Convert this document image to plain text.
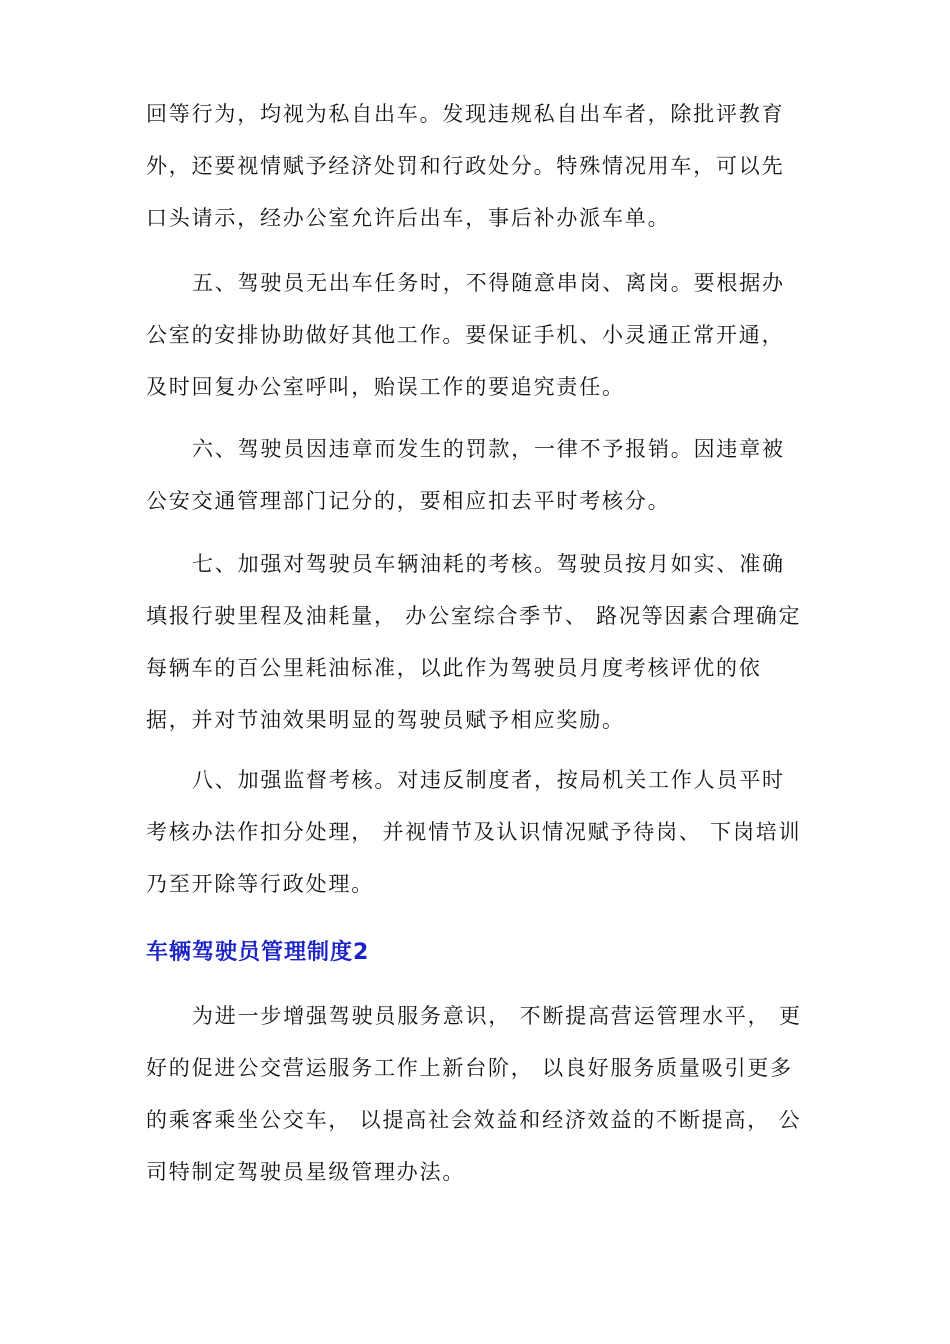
回等行为，均视为私自出车。发现违规私自出车者，除批评教育
外，还要视情赋予经济处罚和行政处分。特殊情况用车，可以先
口头请示，经办公室允许后出车，事后补办派车单。
五、驾驶员无出车任务时，不得随意串岗、离岗。要根据办
公室的安排协助做好其他工作。要保证手机、小灵通正常开通，
及时回复办公室呼叫，贻误工作的要追究责任。
六、驾驶员因违章而发生的罚款，一律不予报销。因违章被
公安交通管理部门记分的，要相应扣去平时考核分。
七、加强对驾驶员车辆油耗的考核。驾驶员按月如实、准确
填报行驶里程及油耗量， 办公室综合季节、 路况等因素合理确定
每辆车的百公里耗油标准，以此作为驾驶员月度考核评优的依
据，并对节油效果明显的驾驶员赋予相应奖励。
八、加强监督考核。对违反制度者，按局机关工作人员平时
考核办法作扣分处理， 并视情节及认识情况赋予待岗、 下岗培训
乃至开除等行政处理。
车辆驾驶员管理制度2
为进一步增强驾驶员服务意识， 不断提高营运管理水平， 更
好的促进公交营运服务工作上新台阶， 以良好服务质量吸引更多
的乘客乘坐公交车， 以提高社会效益和经济效益的不断提高， 公
司特制定驾驶员星级管理办法。
